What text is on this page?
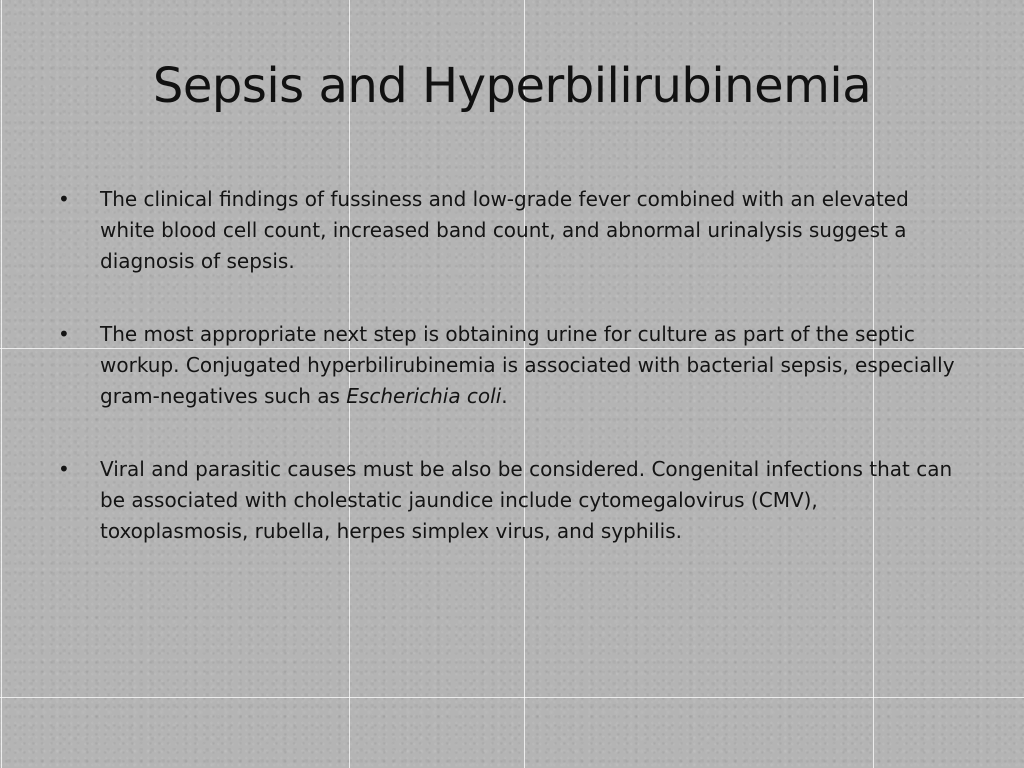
Sepsis and Hyperbilirubinemia
• The clinical findings of fussiness and low-grade fever combined with an elevated white blood cell count, increased band count, and abnormal urinalysis suggest a diagnosis of sepsis.
• The most appropriate next step is obtaining urine for culture as part of the septic workup. Conjugated hyperbilirubinemia is associated with bacterial sepsis, especially gram-negatives such as Escherichia coli.
• Viral and parasitic causes must be also be considered. Congenital infections that can be associated with cholestatic jaundice include cytomegalovirus (CMV), toxoplasmosis, rubella, herpes simplex virus, and syphilis.
